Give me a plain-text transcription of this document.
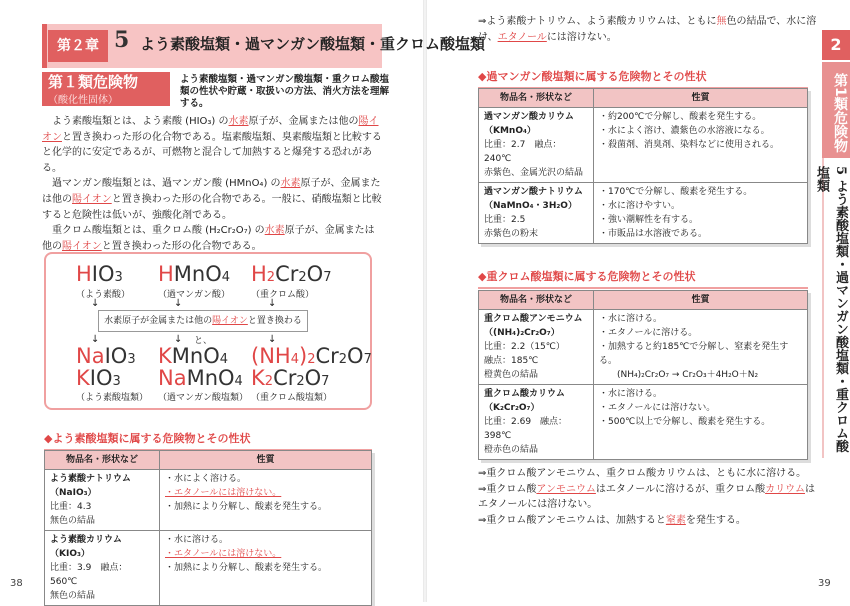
第２章 5 よう素酸塩類・過マンガン酸塩類・重クロム酸塩類
第１類危険物
（酸化性固体）
よう素酸塩類・過マンガン酸塩類・重クロム酸塩類の性状や貯蔵・取扱いの方法、消火方法を理解する。

よう素酸塩類とは、よう素酸 (HIO₃) の水素原子が、金属または他の陽イオンと置き換わった形の化合物である。塩素酸塩類、臭素酸塩類と比較すると化学的に安定であるが、可燃物と混合して加熱すると爆発する恐れがある。

過マンガン酸塩類とは、過マンガン酸 (HMnO₄) の水素原子が、金属または他の陽イオンと置き換わった形の化合物である。一般に、硝酸塩類と比較すると危険性は低いが、強酸化剤である。

重クロム酸塩類とは、重クロム酸 (H₂Cr₂O₇) の水素原子が、金属または他の陽イオンと置き換わった形の化合物である。

HIO3 HMnO4 H2Cr2O7
（よう素酸）	（過マンガン酸） （重クロム酸）
↓	↓	↓
↓	↓	↓
NaIO3 KMnO4 (NH4)2Cr2O7
KIO3 NaMnO4 K2Cr2O7
（よう素酸塩類） （過マンガン酸塩類） （重クロム酸塩類）
水素原子が金属または他の陽イオンと置き換わると、
◆よう素酸塩類に属する危険物とその性状
物品名・形状など	性質
よう素酸ナトリウム（NaIO₃）
比重：4.3
無色の結晶	・水によく溶ける。
・エタノールには溶けない。
・加熱により分解し、酸素を発生する。
よう素酸カリウム（KIO₃）
比重：3.9　融点：560℃
無色の結晶	・水に溶ける。
・エタノールには溶けない。
・加熱により分解し、酸素を発生する。
38
⇒よう素酸ナトリウム、よう素酸カリウムは、ともに無色の結晶で、水に溶け、エタノールには溶けない。
◆過マンガン酸塩類に属する危険物とその性状
物品名・形状など	性質
過マンガン酸カリウム（KMnO₄）
比重：2.7　融点：240℃
赤紫色、金属光沢の結晶	・約200℃で分解し、酸素を発生する。
・水によく溶け、濃紫色の水溶液になる。
・殺菌剤、消臭剤、染料などに使用される。
過マンガン酸ナトリウム（NaMnO₄・3H₂O）
比重：2.5
赤紫色の粉末	・170℃で分解し、酸素を発生する。
・水に溶けやすい。
・強い潮解性を有する。
・市販品は水溶液である。
◆重クロム酸塩類に属する危険物とその性状
物品名・形状など	性質
重クロム酸アンモニウム（(NH₄)₂Cr₂O₇）
比重：2.2（15℃）
融点：185℃
橙黄色の結晶	・水に溶ける。
・エタノールに溶ける。
・加熱すると約185℃で分解し、窒素を発生する。
(NH₄)₂Cr₂O₇ → Cr₂O₃＋4H₂O＋N₂
重クロム酸カリウム（K₂Cr₂O₇）
比重：2.69　融点：398℃
橙赤色の結晶	・水に溶ける。
・エタノールには溶けない。
・500℃以上で分解し、酸素を発生する。
⇒重クロム酸アンモニウム、重クロム酸カリウムは、ともに水に溶ける。
⇒重クロム酸アンモニウムはエタノールに溶けるが、重クロム酸カリウムはエタノールには溶けない。
⇒重クロム酸アンモニウムは、加熱すると窒素を発生する。
39
2
第1類危険物
5 よう素酸塩類・過マンガン酸塩類・重クロム酸塩類
